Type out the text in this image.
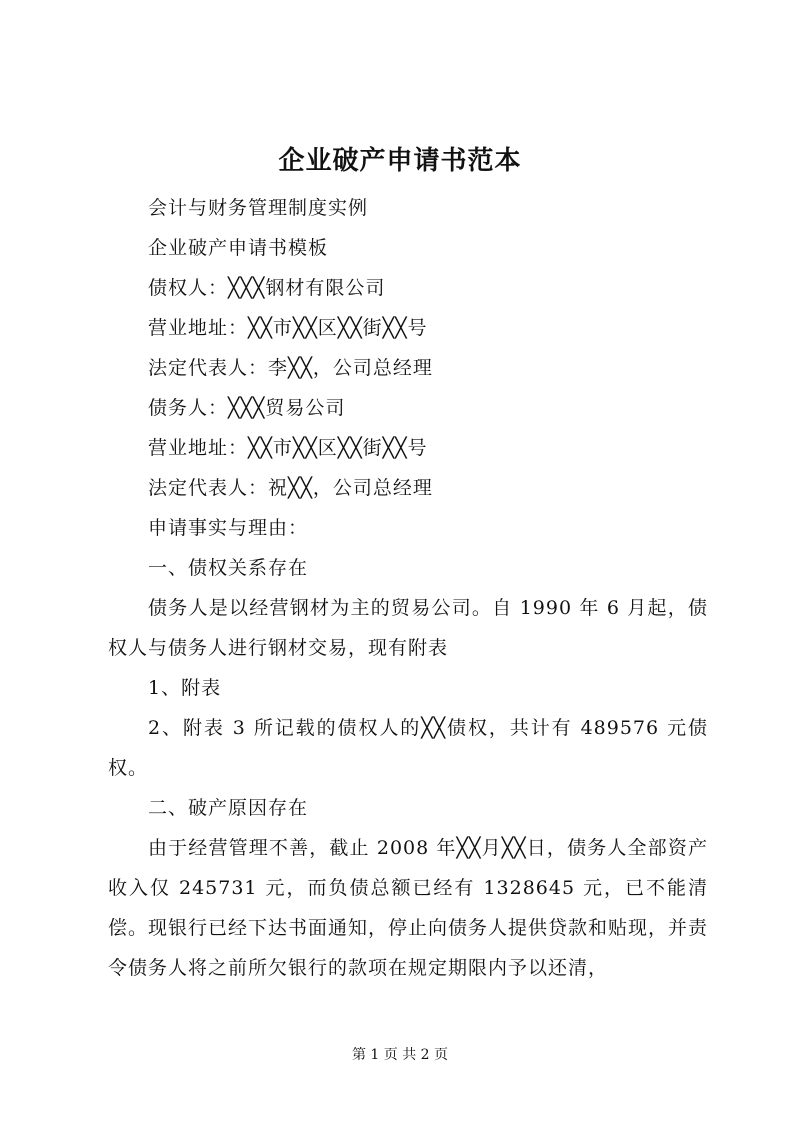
企业破产申请书范本
会计与财务管理制度实例
企业破产申请书模板
债权人：╳╳╳钢材有限公司
营业地址：╳╳市╳╳区╳╳街╳╳号
法定代表人：李╳╳，公司总经理
债务人：╳╳╳贸易公司
营业地址：╳╳市╳╳区╳╳街╳╳号
法定代表人：祝╳╳，公司总经理
申请事实与理由：
一、债权关系存在
债务人是以经营钢材为主的贸易公司。自 1990 年 6 月起，债权人与债务人进行钢材交易，现有附表
1、附表
2、附表 3 所记载的债权人的╳╳债权，共计有 489576 元债权。
二、破产原因存在
由于经营管理不善，截止 2008 年╳╳月╳╳日，债务人全部资产收入仅 245731 元，而负债总额已经有 1328645 元，已不能清偿。现银行已经下达书面通知，停止向债务人提供贷款和贴现，并责令债务人将之前所欠银行的款项在规定期限内予以还清，
第 1 页 共 2 页
